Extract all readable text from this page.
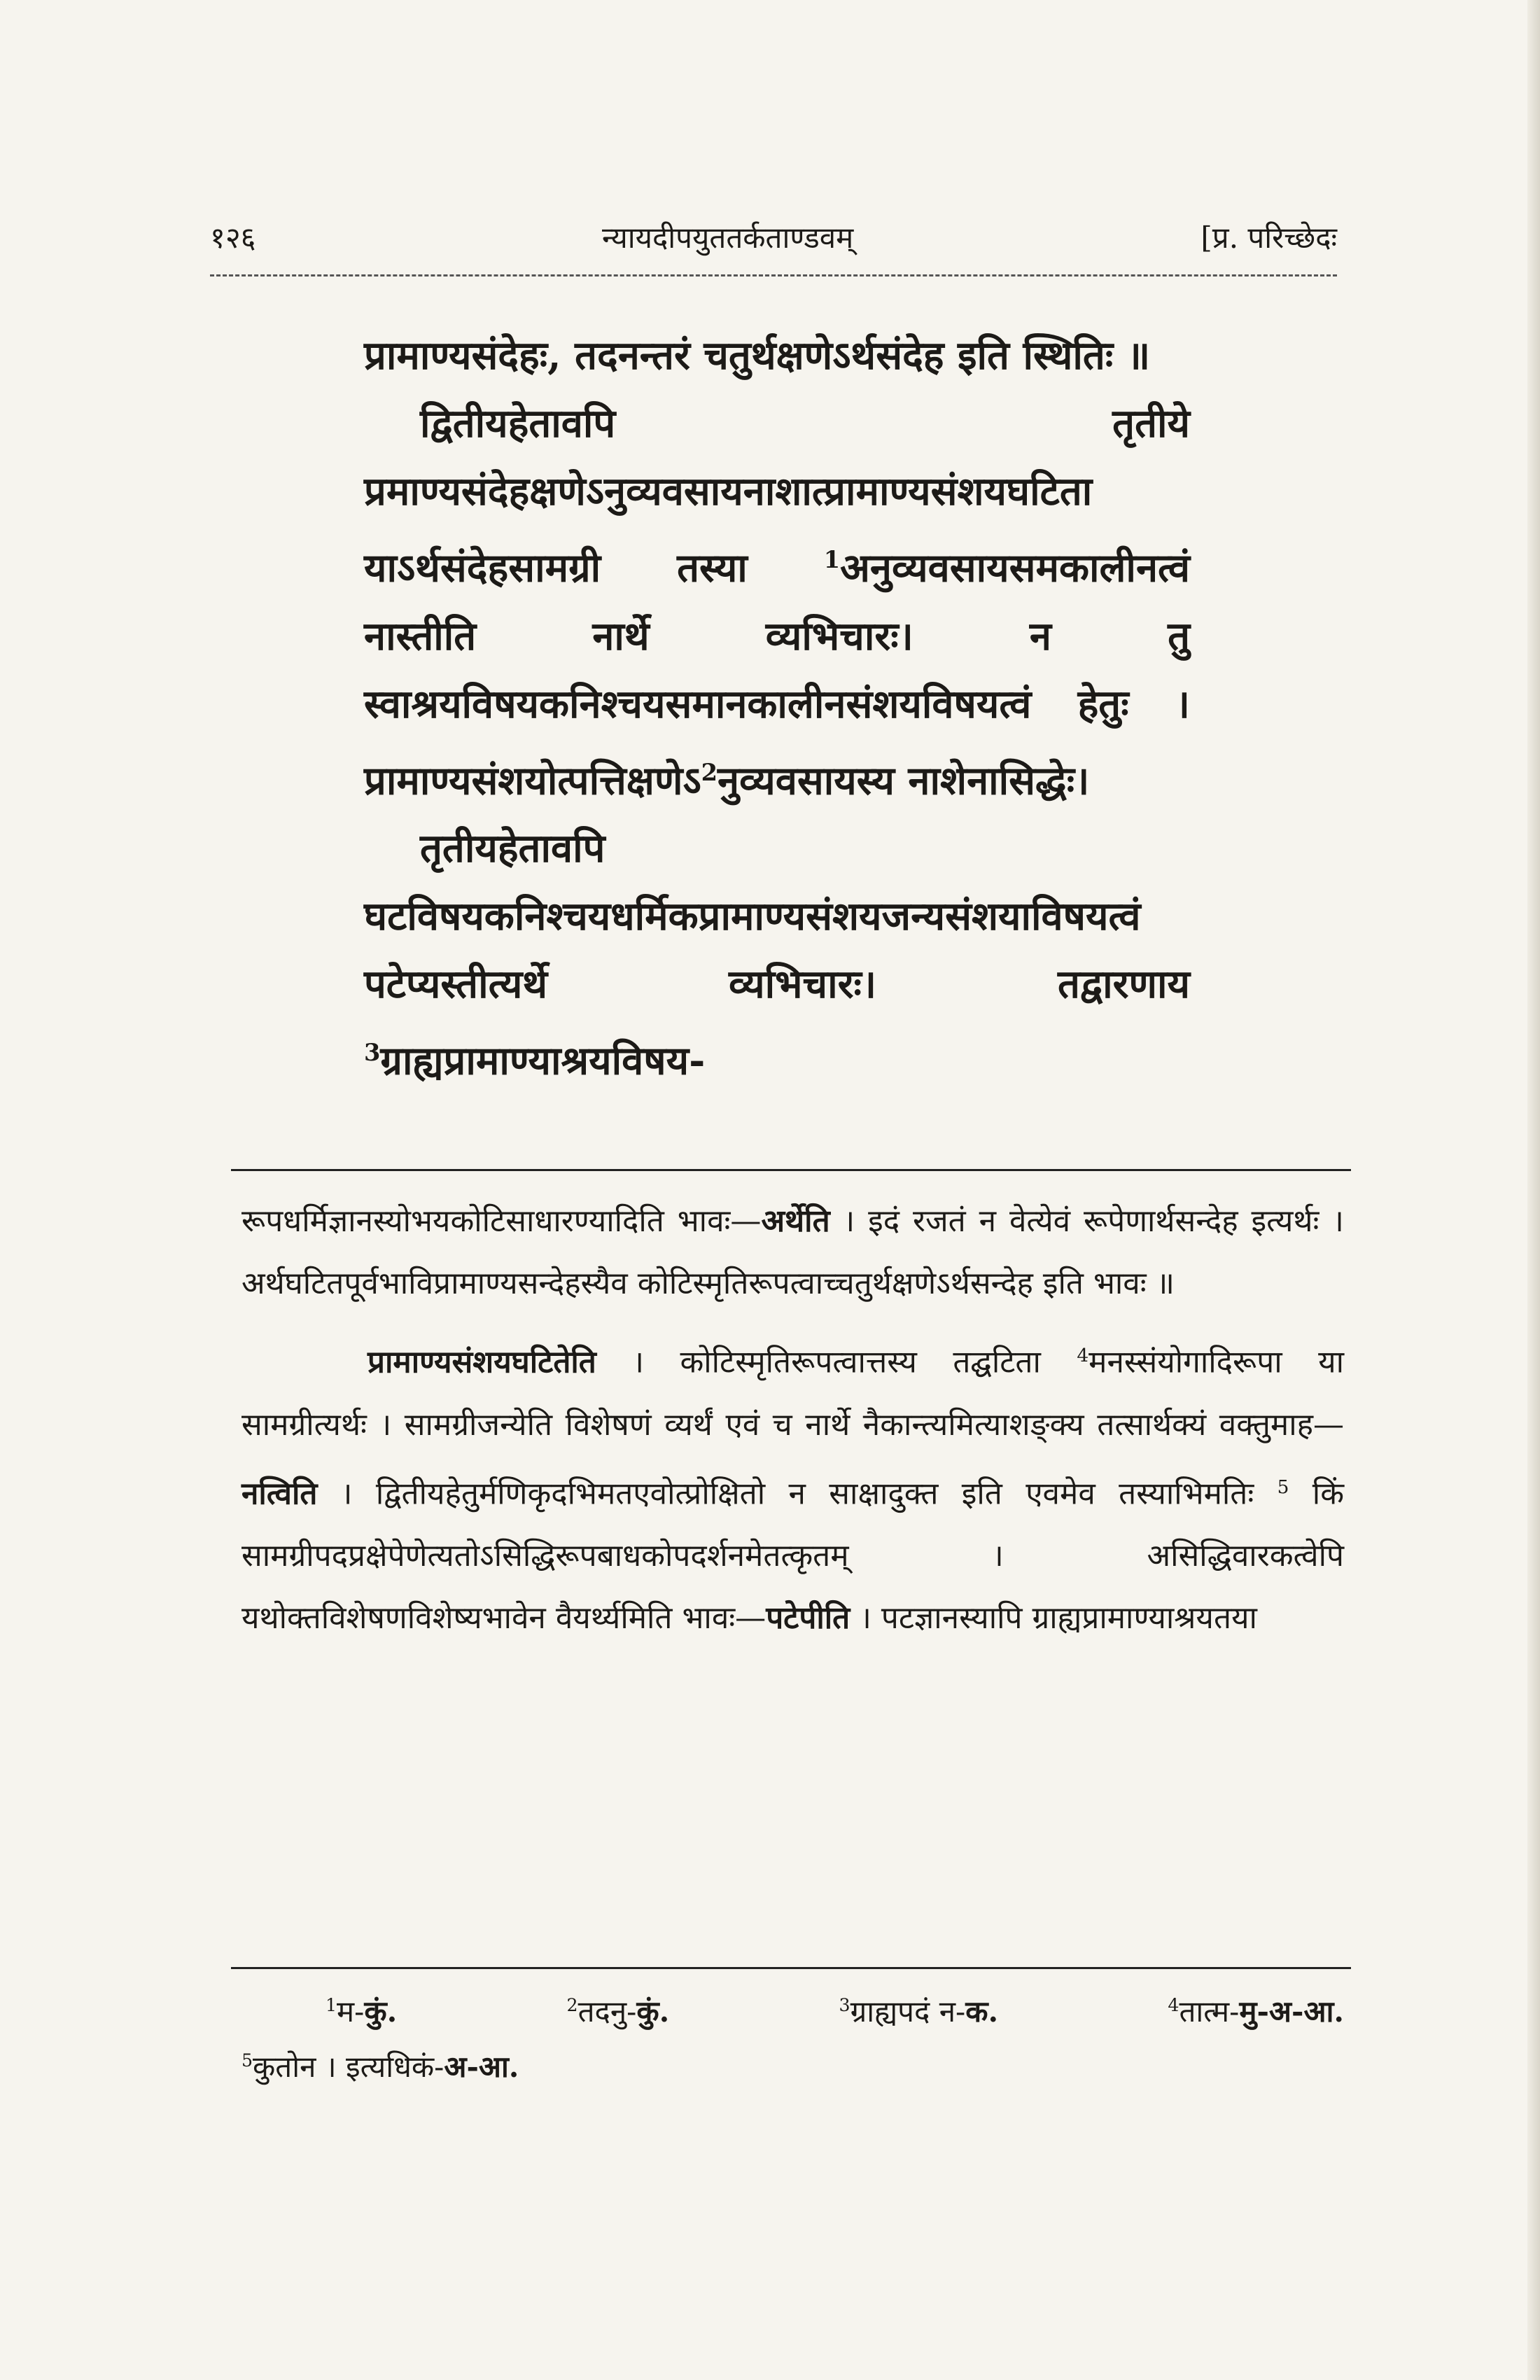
१२६	न्यायदीपयुततर्कताण्डवम्	[प्र. परिच्छेदः

प्रामाण्यसंदेहः, तदनन्तरं चतुर्थक्षणेऽर्थसंदेह इति स्थितिः ॥

द्वितीयहेतावपि तृतीये प्रमाण्यसंदेहक्षणेऽनुव्यवसायनाशात्प्रामाण्यसंशयघटिता याऽर्थसंदेहसामग्री तस्या $^1$अनुव्यवसायसमकालीनत्वं नास्तीति नार्थे व्यभिचारः। न तु स्वाश्रयविषयकनिश्चयसमानकालीनसंशयविषयत्वं हेतुः । प्रामाण्यसंशयोत्पत्तिक्षणेऽ$^2$नुव्यवसायस्य नाशेनासिद्धेः।

तृतीयहेतावपि घटविषयकनिश्चयधर्मिकप्रामाण्यसंशयजन्यसंशयाविषयत्वं पटेप्यस्तीत्यर्थे व्यभिचारः। तद्वारणाय $^3$ग्राह्यप्रामाण्याश्रयविषय-

रूपधर्मिज्ञानस्योभयकोटिसाधारण्यादिति भावः—अर्थेति । इदं रजतं न वेत्येवं रूपेणार्थसन्देह इत्यर्थः । अर्थघटितपूर्वभाविप्रामाण्यसन्देहस्यैव कोटिस्मृतिरूपत्वाच्चतुर्थक्षणेऽर्थसन्देह इति भावः ॥

प्रामाण्यसंशयघटितेति । कोटिस्मृतिरूपत्वात्तस्य तद्घटिता $^4$मनस्संयोगादिरूपा या सामग्रीत्यर्थः । सामग्रीजन्येति विशेषणं व्यर्थं एवं च नार्थे नैकान्त्यमित्याशङ्क्य तत्सार्थक्यं वक्तुमाह—नत्विति । द्वितीयहेतुर्मणिकृदभिमतएवोत्प्रोक्षितो न साक्षादुक्त इति एवमेव तस्याभिमतिः $^5$ किं सामग्रीपदप्रक्षेपेणेत्यतोऽसिद्धिरूपबाधकोपदर्शनमेतत्कृतम् । असिद्धिवारकत्वेपि यथोक्तविशेषणविशेष्यभावेन वैयर्थ्यमिति भावः—पटेपीति । पटज्ञानस्यापि ग्राह्यप्रामाण्याश्रयतया

$^1$म-कुं.	$^2$तदनु-कुं.	$^3$ग्राह्यपदं न-क.	$^4$तात्म-मु-अ-आ.
$^5$कुतोन । इत्यधिकं-अ-आ.
